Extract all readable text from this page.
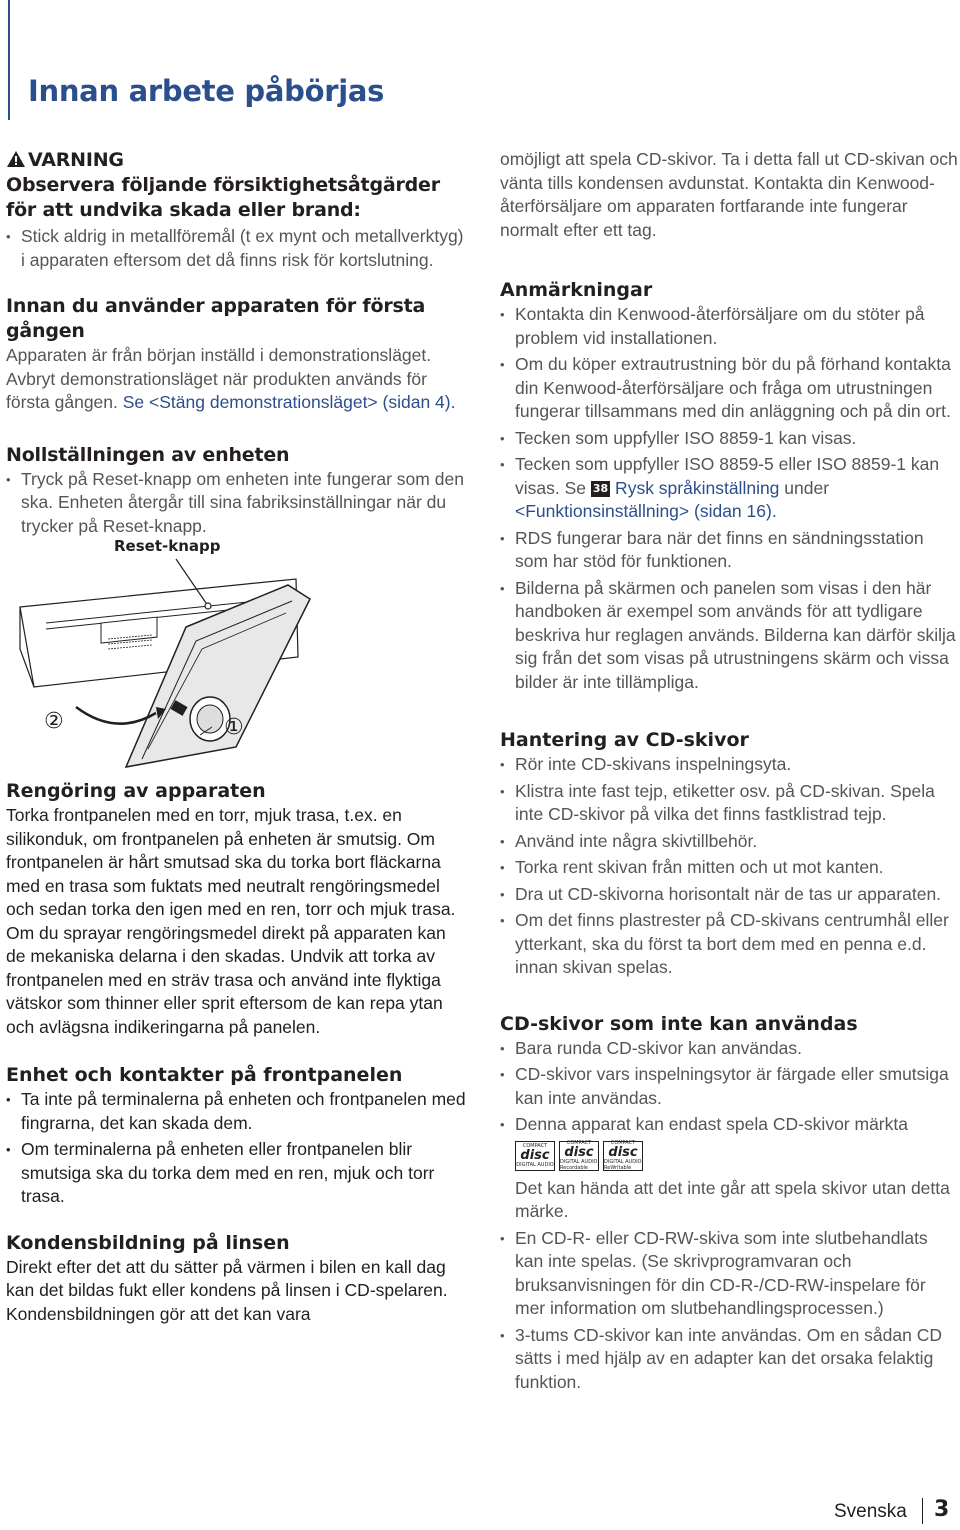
Innan arbete påbörjas
VARNING
Observera följande försiktighetsåtgärder för att undvika skada eller brand:
• Stick aldrig in metallföremål (t ex mynt och metallverktyg) i apparaten eftersom det då finns risk för kortslutning.
Innan du använder apparaten för första gången

Apparaten är från början inställd i demonstrationsläget.

Avbryt demonstrationsläget när produkten används för första gången. Se <Stäng demonstrationsläget> (sidan 4).

Nollställningen av enheten
• Tryck på Reset-knapp om enheten inte fungerar som den ska. Enheten återgår till sina fabriksinställningar när du trycker på Reset-knapp.
Reset-knapp
②	①
Rengöring av apparaten

Torka frontpanelen med en torr, mjuk trasa, t.ex. en silikonduk, om frontpanelen på enheten är smutsig. Om frontpanelen är hårt smutsad ska du torka bort fläckarna med en trasa som fuktats med neutralt rengöringsmedel och sedan torka den igen med en ren, torr och mjuk trasa.

Om du sprayar rengöringsmedel direkt på apparaten kan de mekaniska delarna i den skadas. Undvik att torka av frontpanelen med en sträv trasa och använd inte flyktiga vätskor som thinner eller sprit eftersom de kan repa ytan och avlägsna indikeringarna på panelen.

Enhet och kontakter på frontpanelen
• Ta inte på terminalerna på enheten och frontpanelen med fingrarna, det kan skada dem.
• Om terminalerna på enheten eller frontpanelen blir smutsiga ska du torka dem med en ren, mjuk och torr trasa.
Kondensbildning på linsen

Direkt efter det att du sätter på värmen i bilen en kall dag kan det bildas fukt eller kondens på linsen i CD-spelaren. Kondensbildningen gör att det kan vara

omöjligt att spela CD-skivor. Ta i detta fall ut CD-skivan och vänta tills kondensen avdunstat. Kontakta din Kenwood-återförsäljare om apparaten fortfarande inte fungerar normalt efter ett tag.

Anmärkningar
• Kontakta din Kenwood-återförsäljare om du stöter på problem vid installationen.
• Om du köper extrautrustning bör du på förhand kontakta din Kenwood-återförsäljare och fråga om utrustningen fungerar tillsammans med din anläggning och på din ort.
• Tecken som uppfyller ISO 8859-1 kan visas.
• Tecken som uppfyller ISO 8859-5 eller ISO 8859-1 kan visas. Se 38 Rysk språkinställning under <Funktionsinställning> (sidan 16).
• RDS fungerar bara när det finns en sändningsstation som har stöd för funktionen.
• Bilderna på skärmen och panelen som visas i den här handboken är exempel som används för att tydligare beskriva hur reglagen används. Bilderna kan därför skilja sig från det som visas på utrustningens skärm och vissa bilder är inte tillämpliga.
Hantering av CD-skivor
• Rör inte CD-skivans inspelningsyta.
• Klistra inte fast tejp, etiketter osv. på CD-skivan. Spela inte CD-skivor på vilka det finns fastklistrad tejp.
• Använd inte några skivtillbehör.
• Torka rent skivan från mitten och ut mot kanten.
• Dra ut CD-skivorna horisontalt när de tas ur apparaten.
• Om det finns plastrester på CD-skivans centrumhål eller ytterkant, ska du först ta bort dem med en penna e.d. innan skivan spelas.
CD-skivor som inte kan användas
• Bara runda CD-skivor kan användas.
• CD-skivor vars inspelningsytor är färgade eller smutsiga kan inte användas.
• Denna apparat kan endast spela CD-skivor märkta
COMPACT
disc
DIGITAL AUDIO
COMPACT
disc
DIGITAL AUDIO Recordable
COMPACT
disc
DIGITAL AUDIO ReWritable

Det kan hända att det inte går att spela skivor utan detta märke.

• En CD-R- eller CD-RW-skiva som inte slutbehandlats kan inte spelas. (Se skrivprogramvaran och bruksanvisningen för din CD-R-/CD-RW-inspelare för mer information om slutbehandlingsprocessen.)
• 3-tums CD-skivor kan inte användas. Om en sådan CD sätts i med hjälp av en adapter kan det orsaka felaktig funktion.
Svenska 3
